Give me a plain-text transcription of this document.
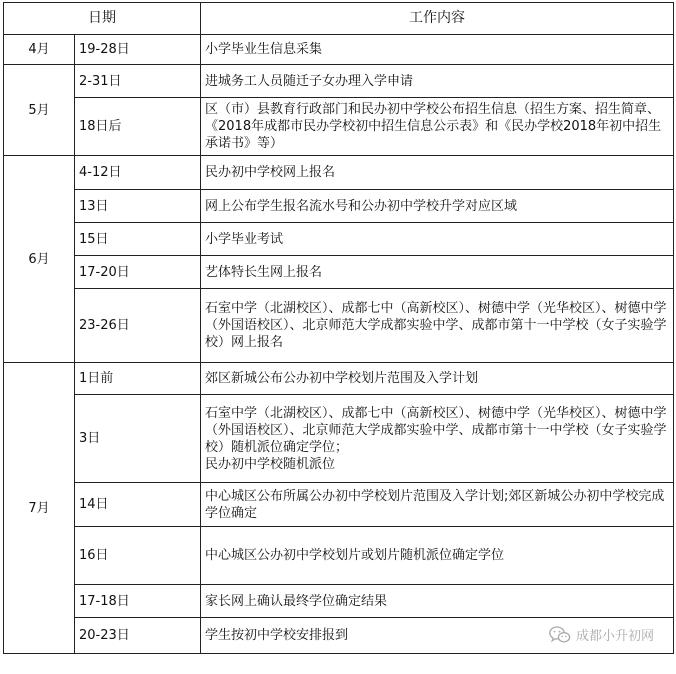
日期		工作内容
4月	19-28日	小学毕业生信息采集

5月	2-31日	进城务工人员随迁子女办理入学申请

	18日后	区（市）县教育行政部门和民办初中学校公布招生信息（招生方案、招生简章、《2018年成都市民办学校初中招生信息公示表》和《民办学校2018年初中招生承诺书》等）

6月	4-12日	民办初中学校网上报名

	13日	网上公布学生报名流水号和公办初中学校升学对应区域

	15日	小学毕业考试

	17-20日	艺体特长生网上报名

	23-26日	石室中学（北湖校区）、成都七中（高新校区）、树德中学（光华校区）、树德中学（外国语校区）、北京师范大学成都实验中学、成都市第十一中学校（女子实验学校）网上报名

7月	1日前	郊区新城公布公办初中学校划片范围及入学计划

	3日	石室中学（北湖校区）、成都七中（高新校区）、树德中学（光华校区）、树德中学（外国语校区）、北京师范大学成都实验中学、成都市第十一中学校（女子实验学校）随机派位确定学位；
民办初中学校随机派位

	14日	中心城区公布所属公办初中学校划片范围及入学计划;郊区新城公办初中学校完成学位确定

	16日	中心城区公办初中学校划片或划片随机派位确定学位

	17-18日	家长网上确认最终学位确定结果

	20-23日	学生按初中学校安排报到	成都小升初网
